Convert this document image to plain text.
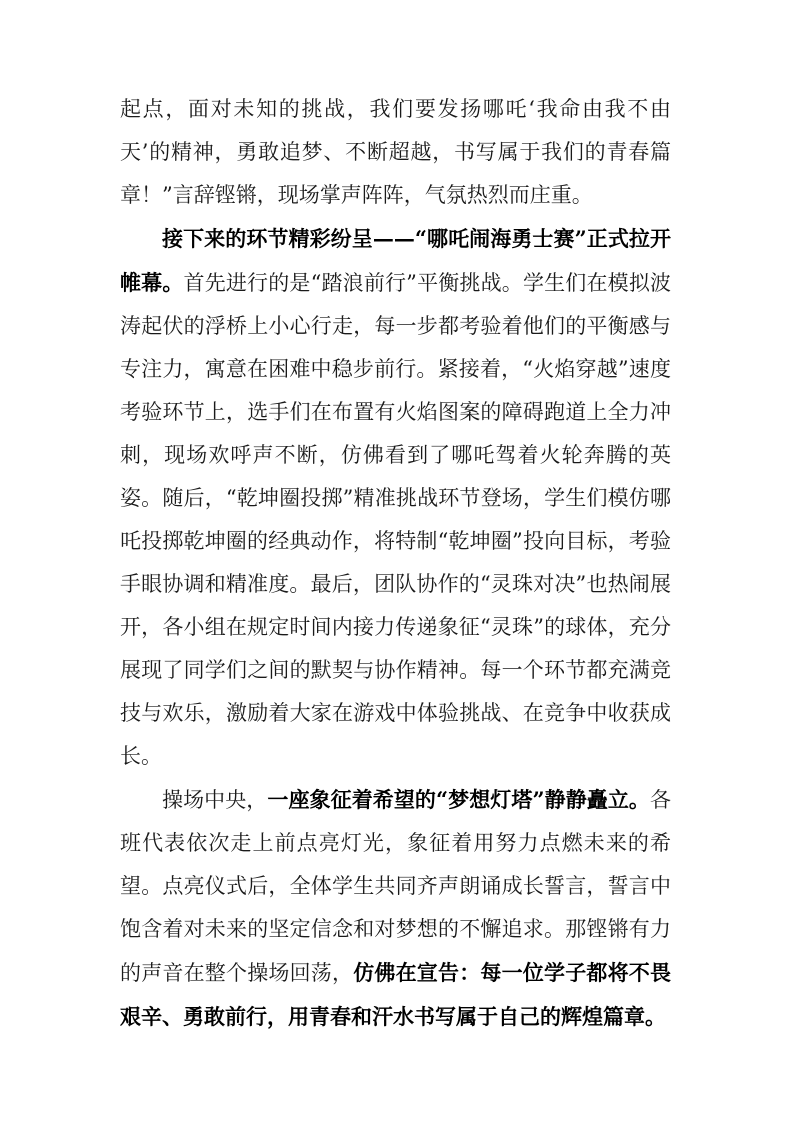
起点，面对未知的挑战，我们要发扬哪吒‘我命由我不由天’的精神，勇敢追梦、不断超越，书写属于我们的青春篇章！”言辞铿锵，现场掌声阵阵，气氛热烈而庄重。

接下来的环节精彩纷呈——“哪吒闹海勇士赛”正式拉开帷幕。首先进行的是“踏浪前行”平衡挑战。学生们在模拟波涛起伏的浮桥上小心行走，每一步都考验着他们的平衡感与专注力，寓意在困难中稳步前行。紧接着，“火焰穿越”速度考验环节上，选手们在布置有火焰图案的障碍跑道上全力冲刺，现场欢呼声不断，仿佛看到了哪吒驾着火轮奔腾的英姿。随后，“乾坤圈投掷”精准挑战环节登场，学生们模仿哪吒投掷乾坤圈的经典动作，将特制“乾坤圈”投向目标，考验手眼协调和精准度。最后，团队协作的“灵珠对决”也热闹展开，各小组在规定时间内接力传递象征“灵珠”的球体，充分展现了同学们之间的默契与协作精神。每一个环节都充满竞技与欢乐，激励着大家在游戏中体验挑战、在竞争中收获成长。

操场中央，一座象征着希望的“梦想灯塔”静静矗立。各班代表依次走上前点亮灯光，象征着用努力点燃未来的希望。点亮仪式后，全体学生共同齐声朗诵成长誓言，誓言中饱含着对未来的坚定信念和对梦想的不懈追求。那铿锵有力的声音在整个操场回荡，仿佛在宣告：每一位学子都将不畏艰辛、勇敢前行，用青春和汗水书写属于自己的辉煌篇章。
